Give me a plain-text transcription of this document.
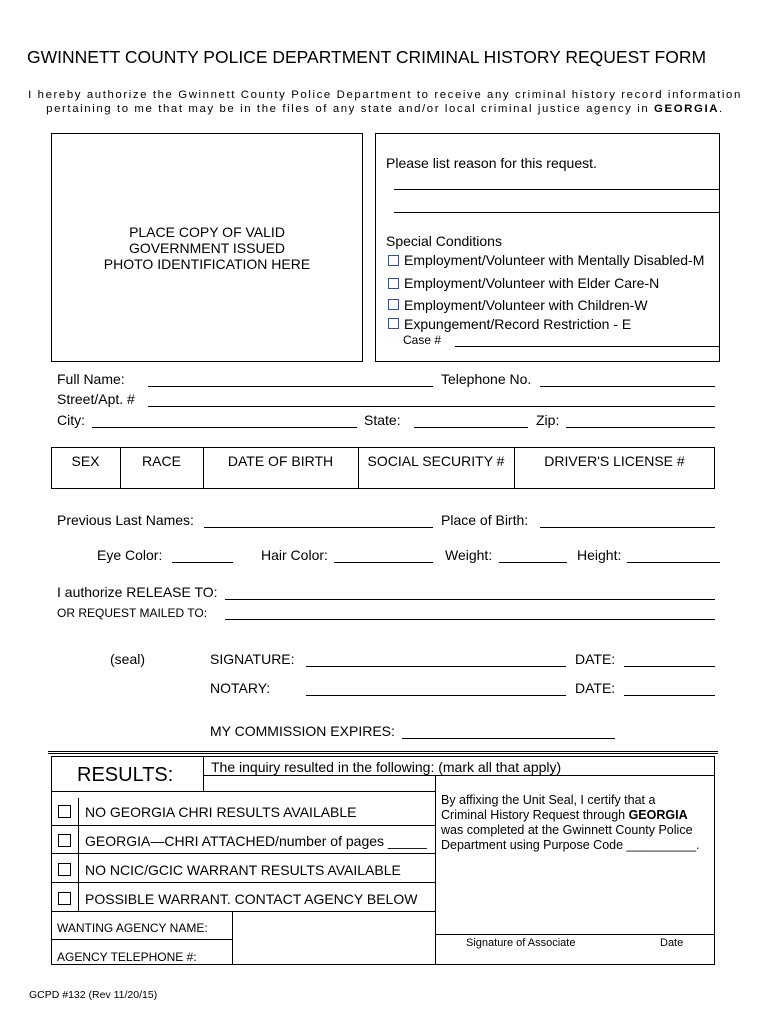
GWINNETT COUNTY POLICE DEPARTMENT CRIMINAL HISTORY REQUEST FORM
I hereby authorize the Gwinnett County Police Department to receive any criminal history record information
pertaining to me that may be in the files of any state and/or local criminal justice agency in GEORGIA.
PLACE COPY OF VALID
GOVERNMENT ISSUED
PHOTO IDENTIFICATION HERE
Please list reason for this request.
Special Conditions
Employment/Volunteer with Mentally Disabled-M
Employment/Volunteer with Elder Care-N
Employment/Volunteer with Children-W
Expungement/Record Restriction - E
Case #
Full Name:	Telephone No.
Street/Apt. #
City:	State:	Zip:
SEX	RACE	DATE OF BIRTH	SOCIAL SECURITY #	DRIVER'S LICENSE #
Previous Last Names:	Place of Birth:
Eye Color:	Hair Color:	Weight:	Height:
I authorize RELEASE TO:
OR REQUEST MAILED TO:
(seal)	SIGNATURE:	DATE:
NOTARY:	DATE:
MY COMMISSION EXPIRES:
RESULTS:	The inquiry resulted in the following: (mark all that apply)
NO GEORGIA CHRI RESULTS AVAILABLE
GEORGIA—CHRI ATTACHED/number of pages _____
NO NCIC/GCIC WARRANT RESULTS AVAILABLE
POSSIBLE WARRANT. CONTACT AGENCY BELOW
By affixing the Unit Seal, I certify that a
Criminal History Request through GEORGIA
was completed at the Gwinnett County Police
Department using Purpose Code __________.
WANTING AGENCY NAME:
AGENCY TELEPHONE #:
Signature of Associate	Date
GCPD #132 (Rev 11/20/15)
